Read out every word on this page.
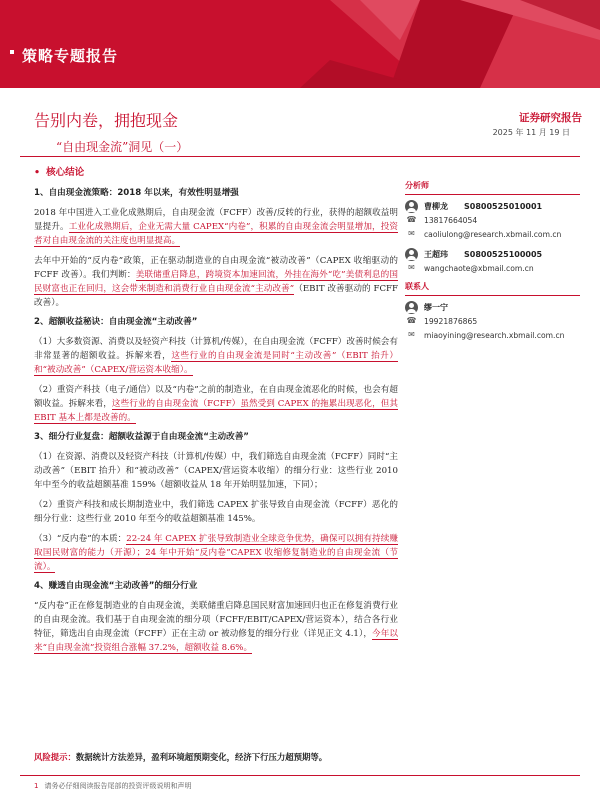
策略专题报告
告别内卷，拥抱现金
“自由现金流”洞见（一）
证券研究报告
2025 年 11 月 19 日
• 核心结论
1、自由现金流策略：2018 年以来，有效性明显增强

2018 年中国进入工业化成熟期后，自由现金流（FCFF）改善/反转的行业，获得的超额收益明显提升。工业化成熟期后，企业无需大量 CAPEX“内卷”，积累的自由现金流会明显增加，投资者对自由现金流的关注度也明显提高。

去年中开始的“反内卷”政策，正在驱动制造业的自由现金流“被动改善”（CAPEX 收缩驱动的 FCFF 改善）。我们判断：美联储重启降息，跨境资本加速回流，外挂在海外“吃”美债利息的国民财富也正在回归，这会带来制造和消费行业自由现金流“主动改善”（EBIT 改善驱动的 FCFF 改善）。

2、超额收益秘诀：自由现金流“主动改善”

（1）大多数资源、消费以及轻资产科技（计算机/传媒），在自由现金流（FCFF）改善时候会有非常显著的超额收益。拆解来看，这些行业的自由现金流是同时“主动改善”（EBIT 抬升）和“被动改善”（CAPEX/营运资本收缩）。

（2）重资产科技（电子/通信）以及“内卷”之前的制造业，在自由现金流恶化的时候，也会有超额收益。拆解来看，这些行业的自由现金流（FCFF）虽然受到 CAPEX 的拖累出现恶化，但其 EBIT 基本上都是改善的。

3、细分行业复盘：超额收益源于自由现金流“主动改善”

（1）在资源、消费以及轻资产科技（计算机/传媒）中，我们筛选自由现金流（FCFF）同时“主动改善”（EBIT 抬升）和“被动改善”（CAPEX/营运资本收缩）的细分行业：这些行业 2010 年中至今的收益超额基准 159%（超额收益从 18 年开始明显加速，下同）；

（2）重资产科技和成长期制造业中，我们筛选 CAPEX 扩张导致自由现金流（FCFF）恶化的细分行业：这些行业 2010 年至今的收益超额基准 145%。

（3）“反内卷”的本质：22-24 年 CAPEX 扩张导致制造业全球竞争优势，确保可以拥有持续赚取国民财富的能力（开源）；24 年中开始“反内卷”CAPEX 收缩修复制造业的自由现金流（节流）。

4、赚透自由现金流“主动改善”的细分行业

“反内卷”正在修复制造业的自由现金流，美联储重启降息国民财富加速回归也正在修复消费行业的自由现金流。我们基于自由现金流的细分项（FCFF/EBIT/CAPEX/营运资本），结合各行业特征，筛选出自由现金流（FCFF）正在主动 or 被动修复的细分行业（详见正文 4.1），今年以来“自由现金流”投资组合涨幅 37.2%，超额收益 8.6%。

风险提示：数据统计方法差异，盈利环境超预期变化，经济下行压力超预期等。
1 请务必仔细阅读报告尾部的投资评级说明和声明
分析师
曹柳龙	S0800525010001
☎ 13817664054
✉	caoliulong@research.xbmail.com.cn
王超玮	S0800525100005
✉	wangchaote@xbmail.com.cn
联系人
缪一宁
☎ 19921876865
✉	miaoyining@research.xbmail.com.cn
